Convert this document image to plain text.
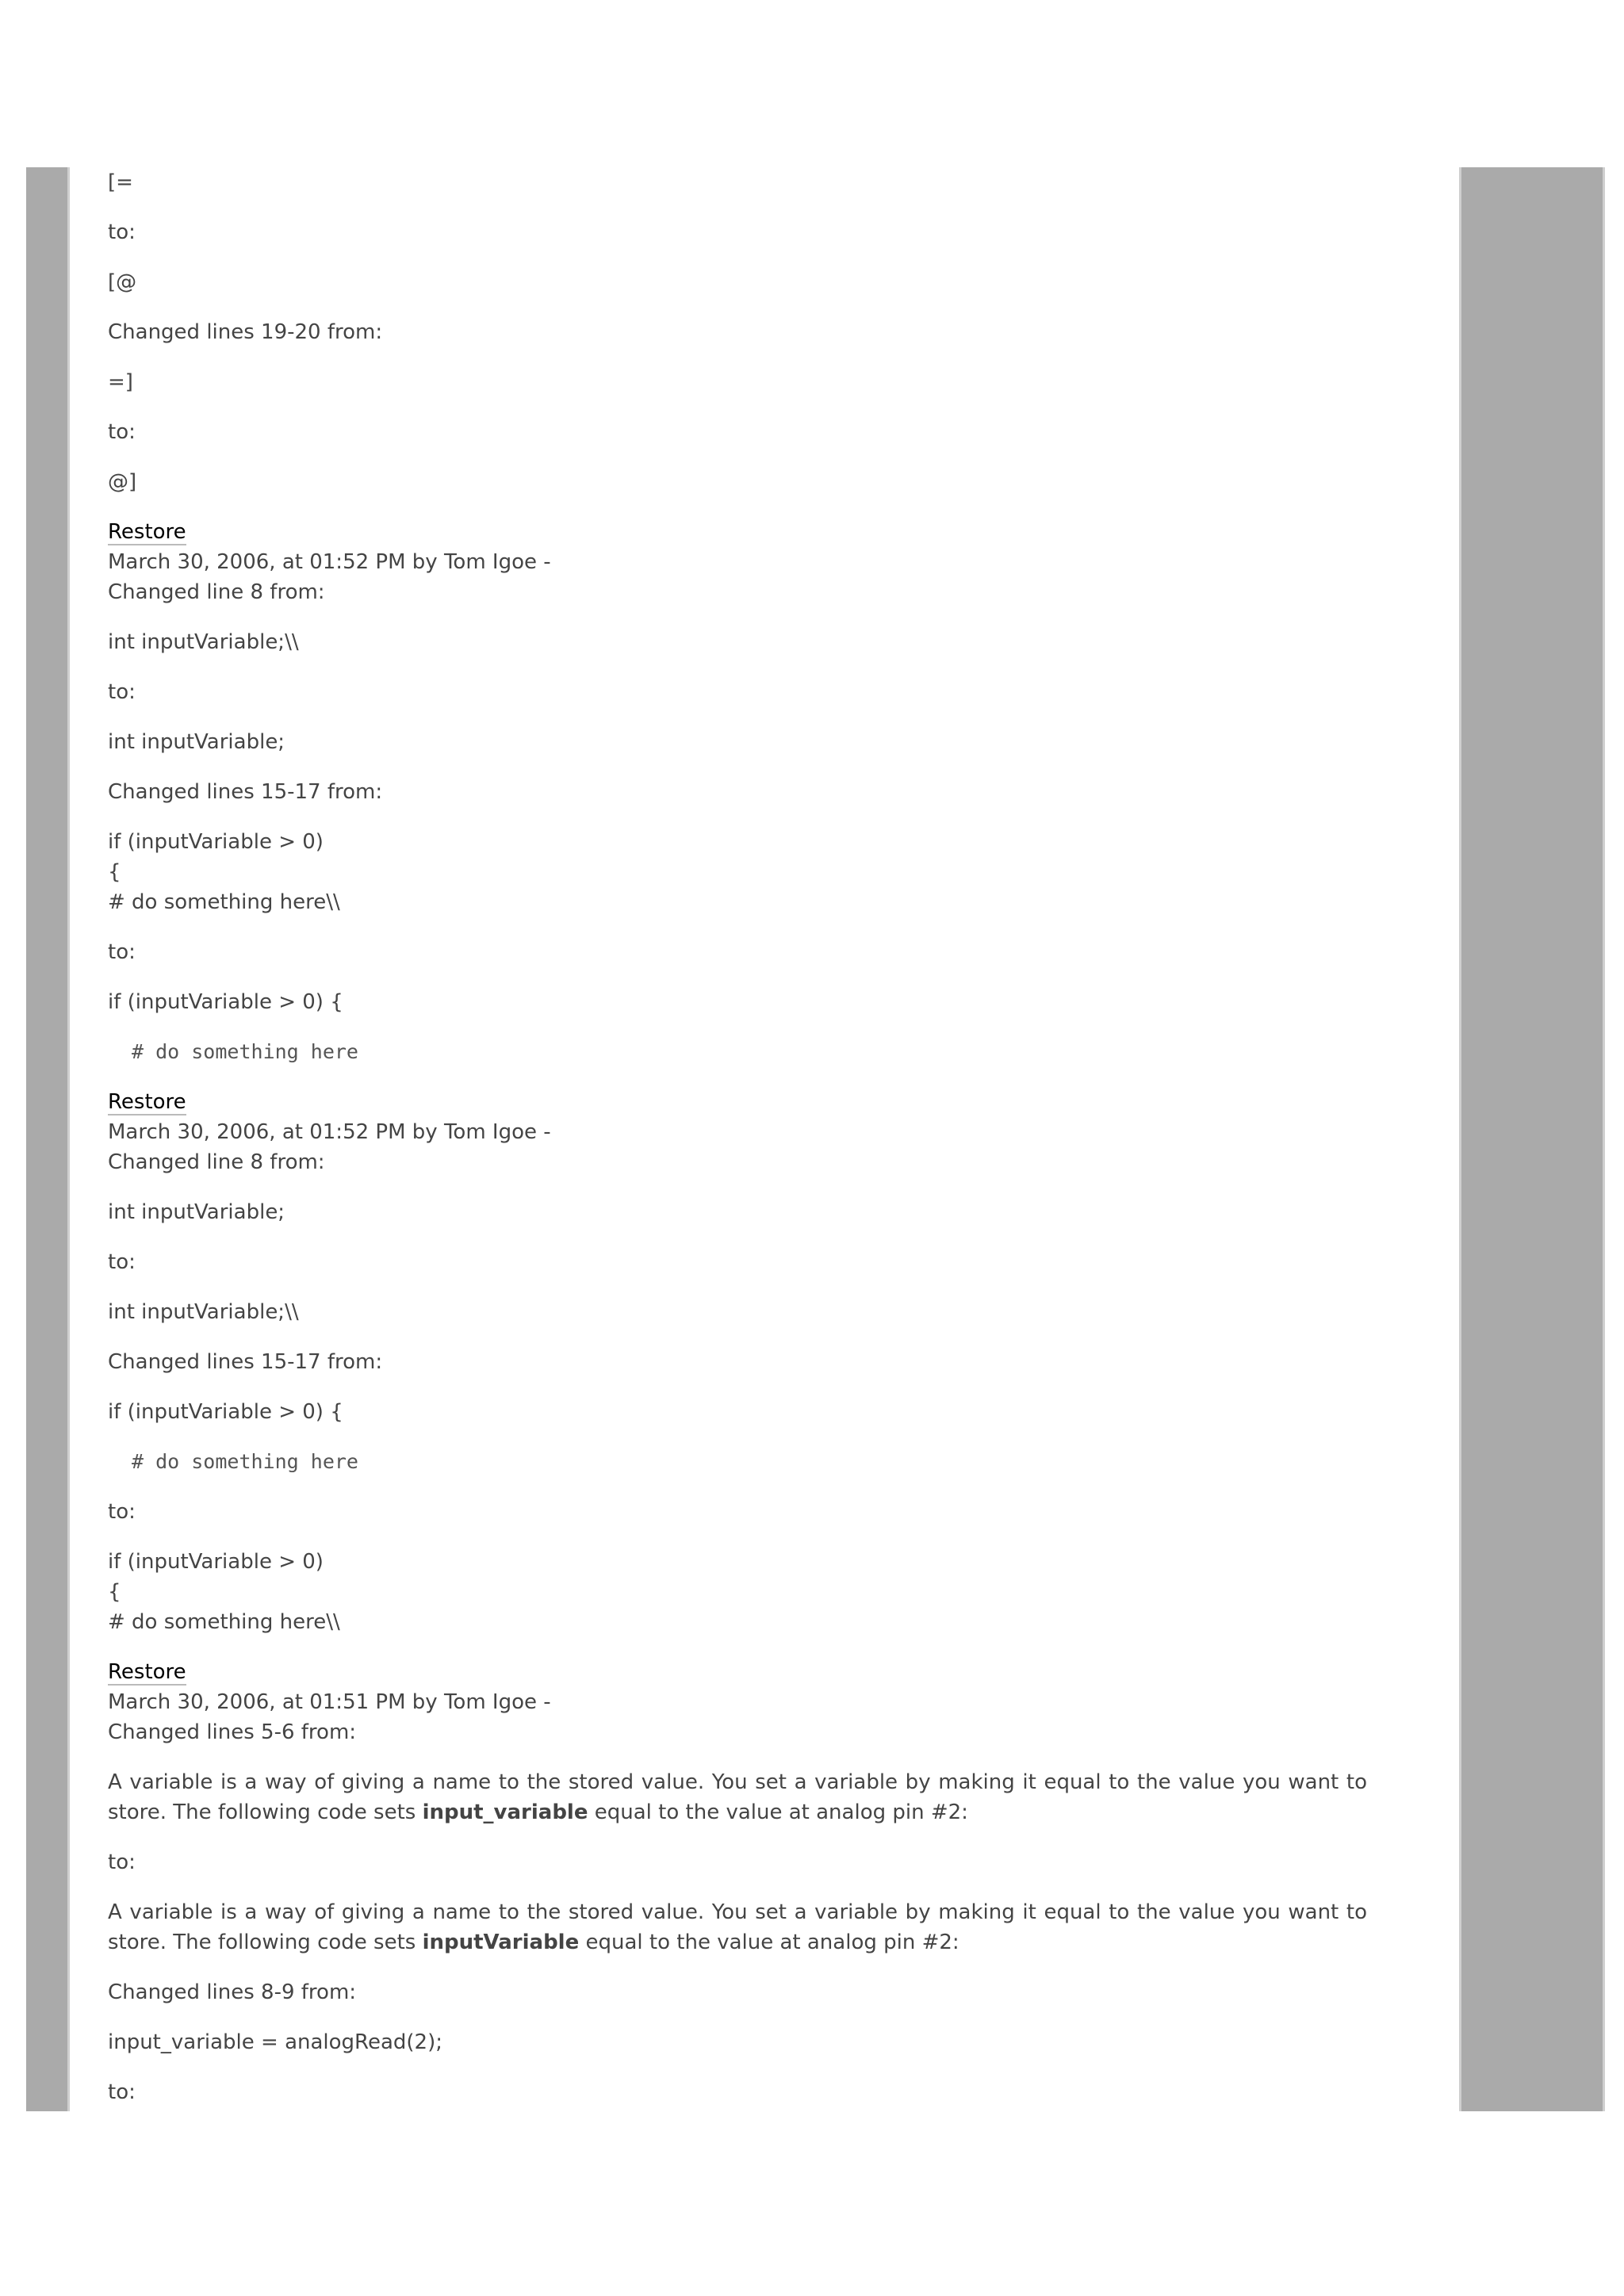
[=

to:

[@

Changed lines 19-20 from:

=]

to:

@]

Restore

March 30, 2006, at 01:52 PM by Tom Igoe -

Changed line 8 from:

int inputVariable;\\

to:

int inputVariable;

Changed lines 15-17 from:

if (inputVariable > 0)
{
# do something here\\

to:

if (inputVariable > 0) {

# do something here

Restore

March 30, 2006, at 01:52 PM by Tom Igoe -

Changed line 8 from:

int inputVariable;

to:

int inputVariable;\\

Changed lines 15-17 from:

if (inputVariable > 0) {

# do something here

to:

if (inputVariable > 0)
{
# do something here\\

Restore

March 30, 2006, at 01:51 PM by Tom Igoe -

Changed lines 5-6 from:

A variable is a way of giving a name to the stored value. You set a variable by making it equal to the value you want to store. The following code sets input_variable equal to the value at analog pin #2:

to:

A variable is a way of giving a name to the stored value. You set a variable by making it equal to the value you want to store. The following code sets inputVariable equal to the value at analog pin #2:

Changed lines 8-9 from:

input_variable = analogRead(2);

to:
